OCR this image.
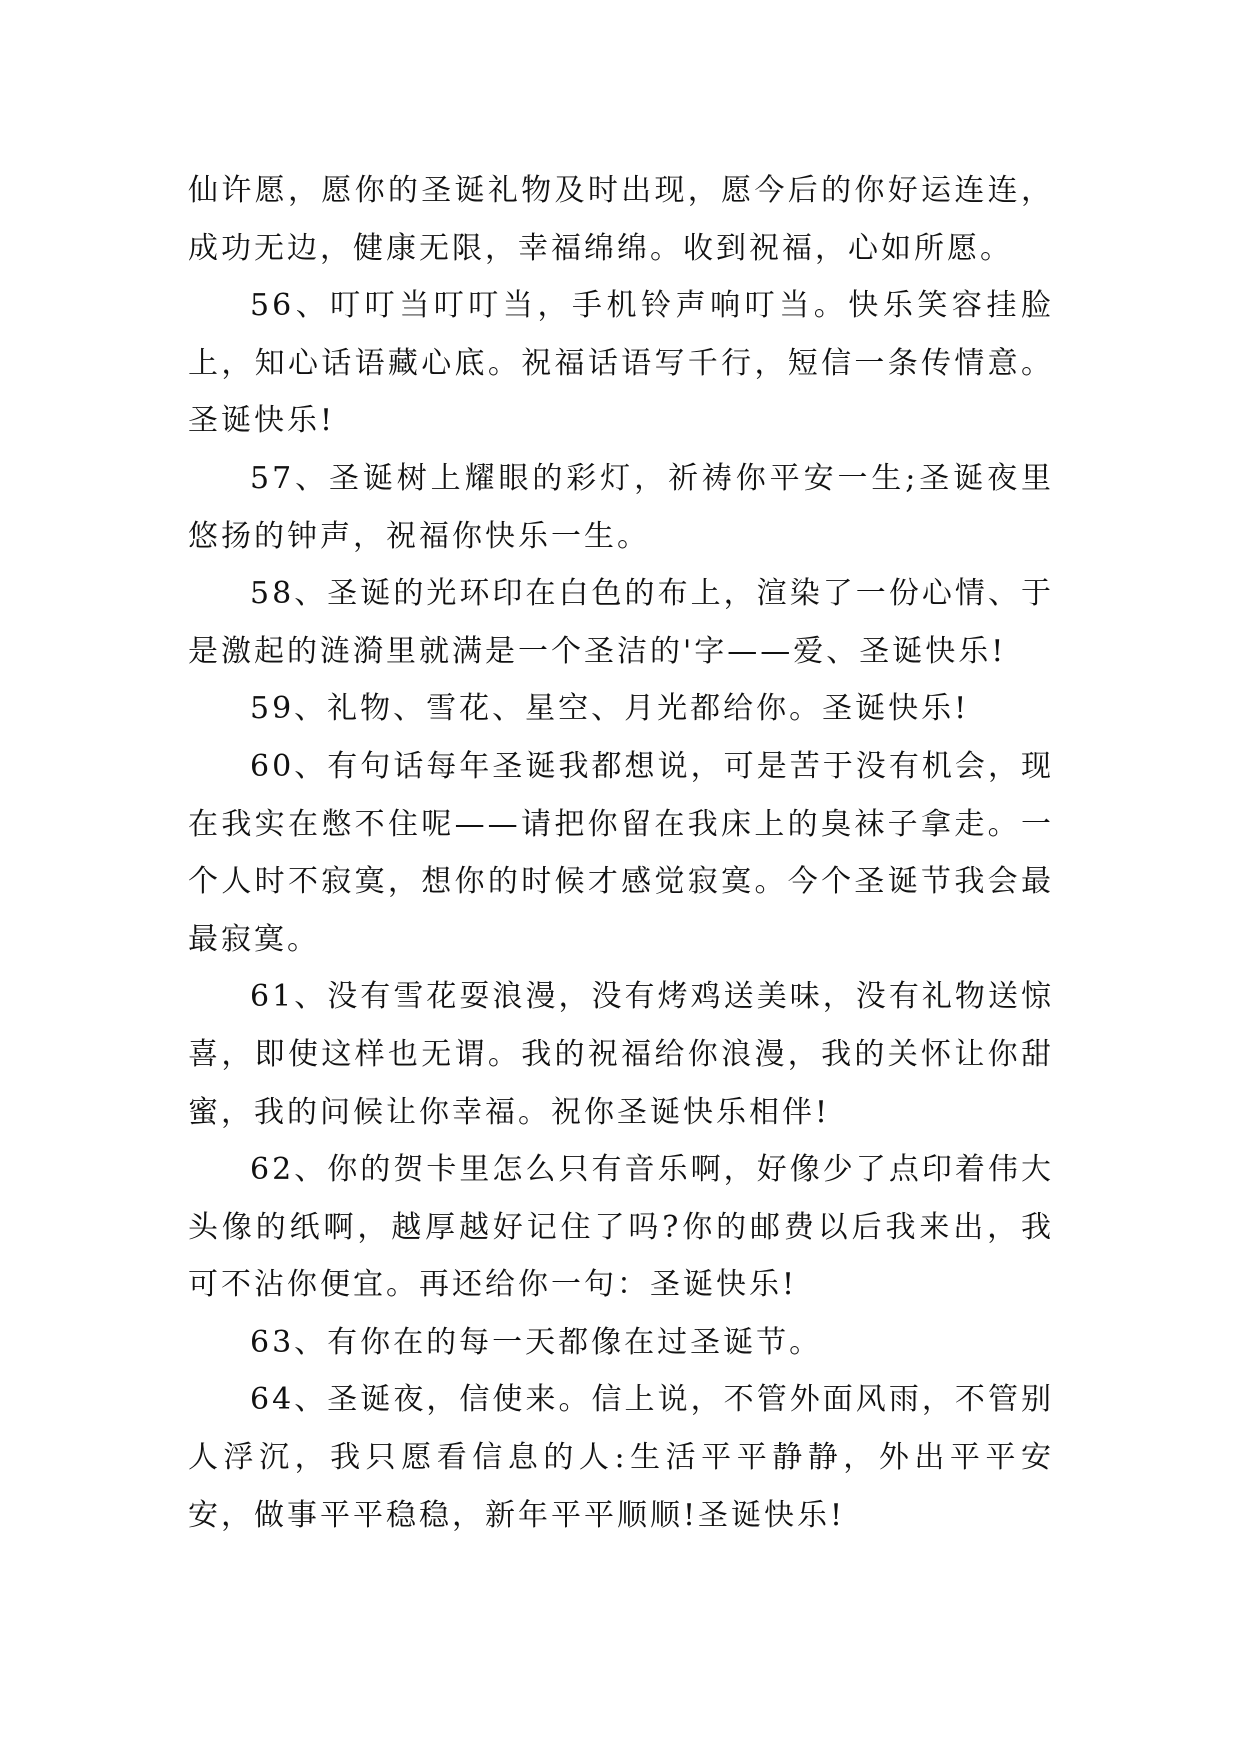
仙许愿，愿你的圣诞礼物及时出现，愿今后的你好运连连，成功无边，健康无限，幸福绵绵。收到祝福，心如所愿。

56、叮叮当叮叮当，手机铃声响叮当。快乐笑容挂脸上，知心话语藏心底。祝福话语写千行，短信一条传情意。圣诞快乐!

57、圣诞树上耀眼的彩灯，祈祷你平安一生;圣诞夜里悠扬的钟声，祝福你快乐一生。

58、圣诞的光环印在白色的布上，渲染了一份心情、于是激起的涟漪里就满是一个圣洁的'字——爱、圣诞快乐!

59、礼物、雪花、星空、月光都给你。圣诞快乐!

60、有句话每年圣诞我都想说，可是苦于没有机会，现在我实在憋不住呢——请把你留在我床上的臭袜子拿走。一个人时不寂寞，想你的时候才感觉寂寞。今个圣诞节我会最最寂寞。

61、没有雪花耍浪漫，没有烤鸡送美味，没有礼物送惊喜，即使这样也无谓。我的祝福给你浪漫，我的关怀让你甜蜜，我的问候让你幸福。祝你圣诞快乐相伴!

62、你的贺卡里怎么只有音乐啊，好像少了点印着伟大头像的纸啊，越厚越好记住了吗?你的邮费以后我来出，我可不沾你便宜。再还给你一句：圣诞快乐!

63、有你在的每一天都像在过圣诞节。

64、圣诞夜，信使来。信上说，不管外面风雨，不管别人浮沉，我只愿看信息的人:生活平平静静，外出平平安安，做事平平稳稳，新年平平顺顺!圣诞快乐!
